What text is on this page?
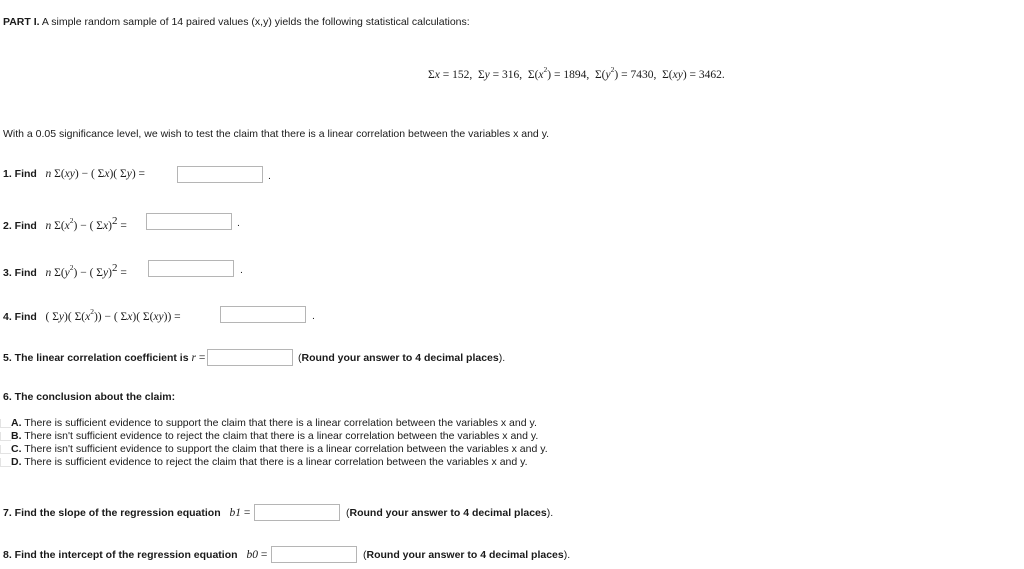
PART I. A simple random sample of 14 paired values (x,y) yields the following statistical calculations:
Σx = 152,  Σy = 316,  $\Sigma(x^2) = 1894$,  $\Sigma(y^2) = 7430$,  Σ(xy) = 3462.
With a 0.05 significance level, we wish to test the claim that there is a linear correlation between the variables x and y.
1. Find n Σ(xy) − ( Σx)( Σy) =	.
2. Find n $\Sigma(x^2)$ − ( Σx)$^2$ =	.
3. Find n $\Sigma(y^2)$ − ( Σy)$^2$ =	.
4. Find   ( Σy)( $\Sigma(x^2)$) − ( Σx)( Σ(xy)) =	.
5. The linear correlation coefficient is r =	(Round your answer to 4 decimal places).
6. The conclusion about the claim:
A. There is sufficient evidence to support the claim that there is a linear correlation between the variables x and y.
B. There isn't sufficient evidence to reject the claim that there is a linear correlation between the variables x and y.
C. There isn't sufficient evidence to support the claim that there is a linear correlation between the variables x and y.
D. There is sufficient evidence to reject the claim that there is a linear correlation between the variables x and y.
7. Find the slope of the regression equation b1 =	(Round your answer to 4 decimal places).
8. Find the intercept of the regression equation b0 =	(Round your answer to 4 decimal places).
